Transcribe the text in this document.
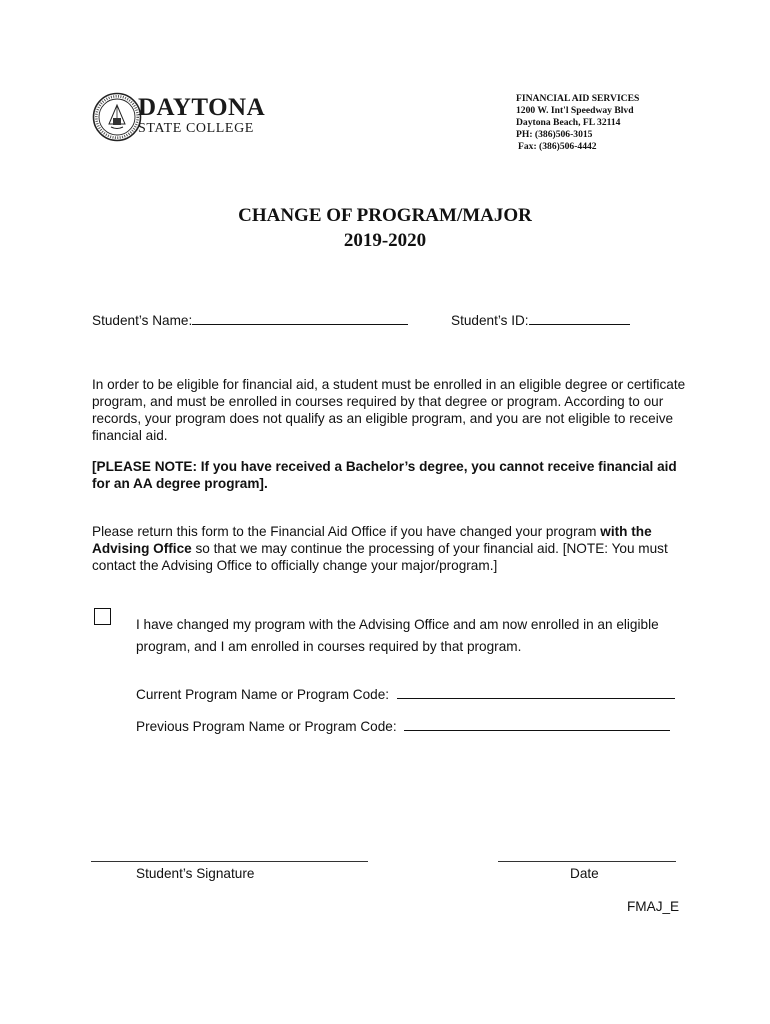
DAYTONA
STATE COLLEGE
FINANCIAL AID SERVICES
1200 W. Int'l Speedway Blvd
Daytona Beach, FL 32114
PH: (386)506-3015
Fax: (386)506-4442
CHANGE OF PROGRAM/MAJOR
2019-2020
Student’s Name:	Student’s ID:
In order to be eligible for financial aid, a student must be enrolled in an eligible degree or certificate program, and must be enrolled in courses required by that degree or program. According to our records, your program does not qualify as an eligible program, and you are not eligible to receive financial aid.
[PLEASE NOTE: If you have received a Bachelor’s degree, you cannot receive financial aid for an AA degree program].
Please return this form to the Financial Aid Office if you have changed your program with the Advising Office so that we may continue the processing of your financial aid. [NOTE: You must contact the Advising Office to officially change your major/program.]
I have changed my program with the Advising Office and am now enrolled in an eligible program, and I am enrolled in courses required by that program.
Current Program Name or Program Code:
Previous Program Name or Program Code:
Student’s Signature	Date
FMAJ_E
